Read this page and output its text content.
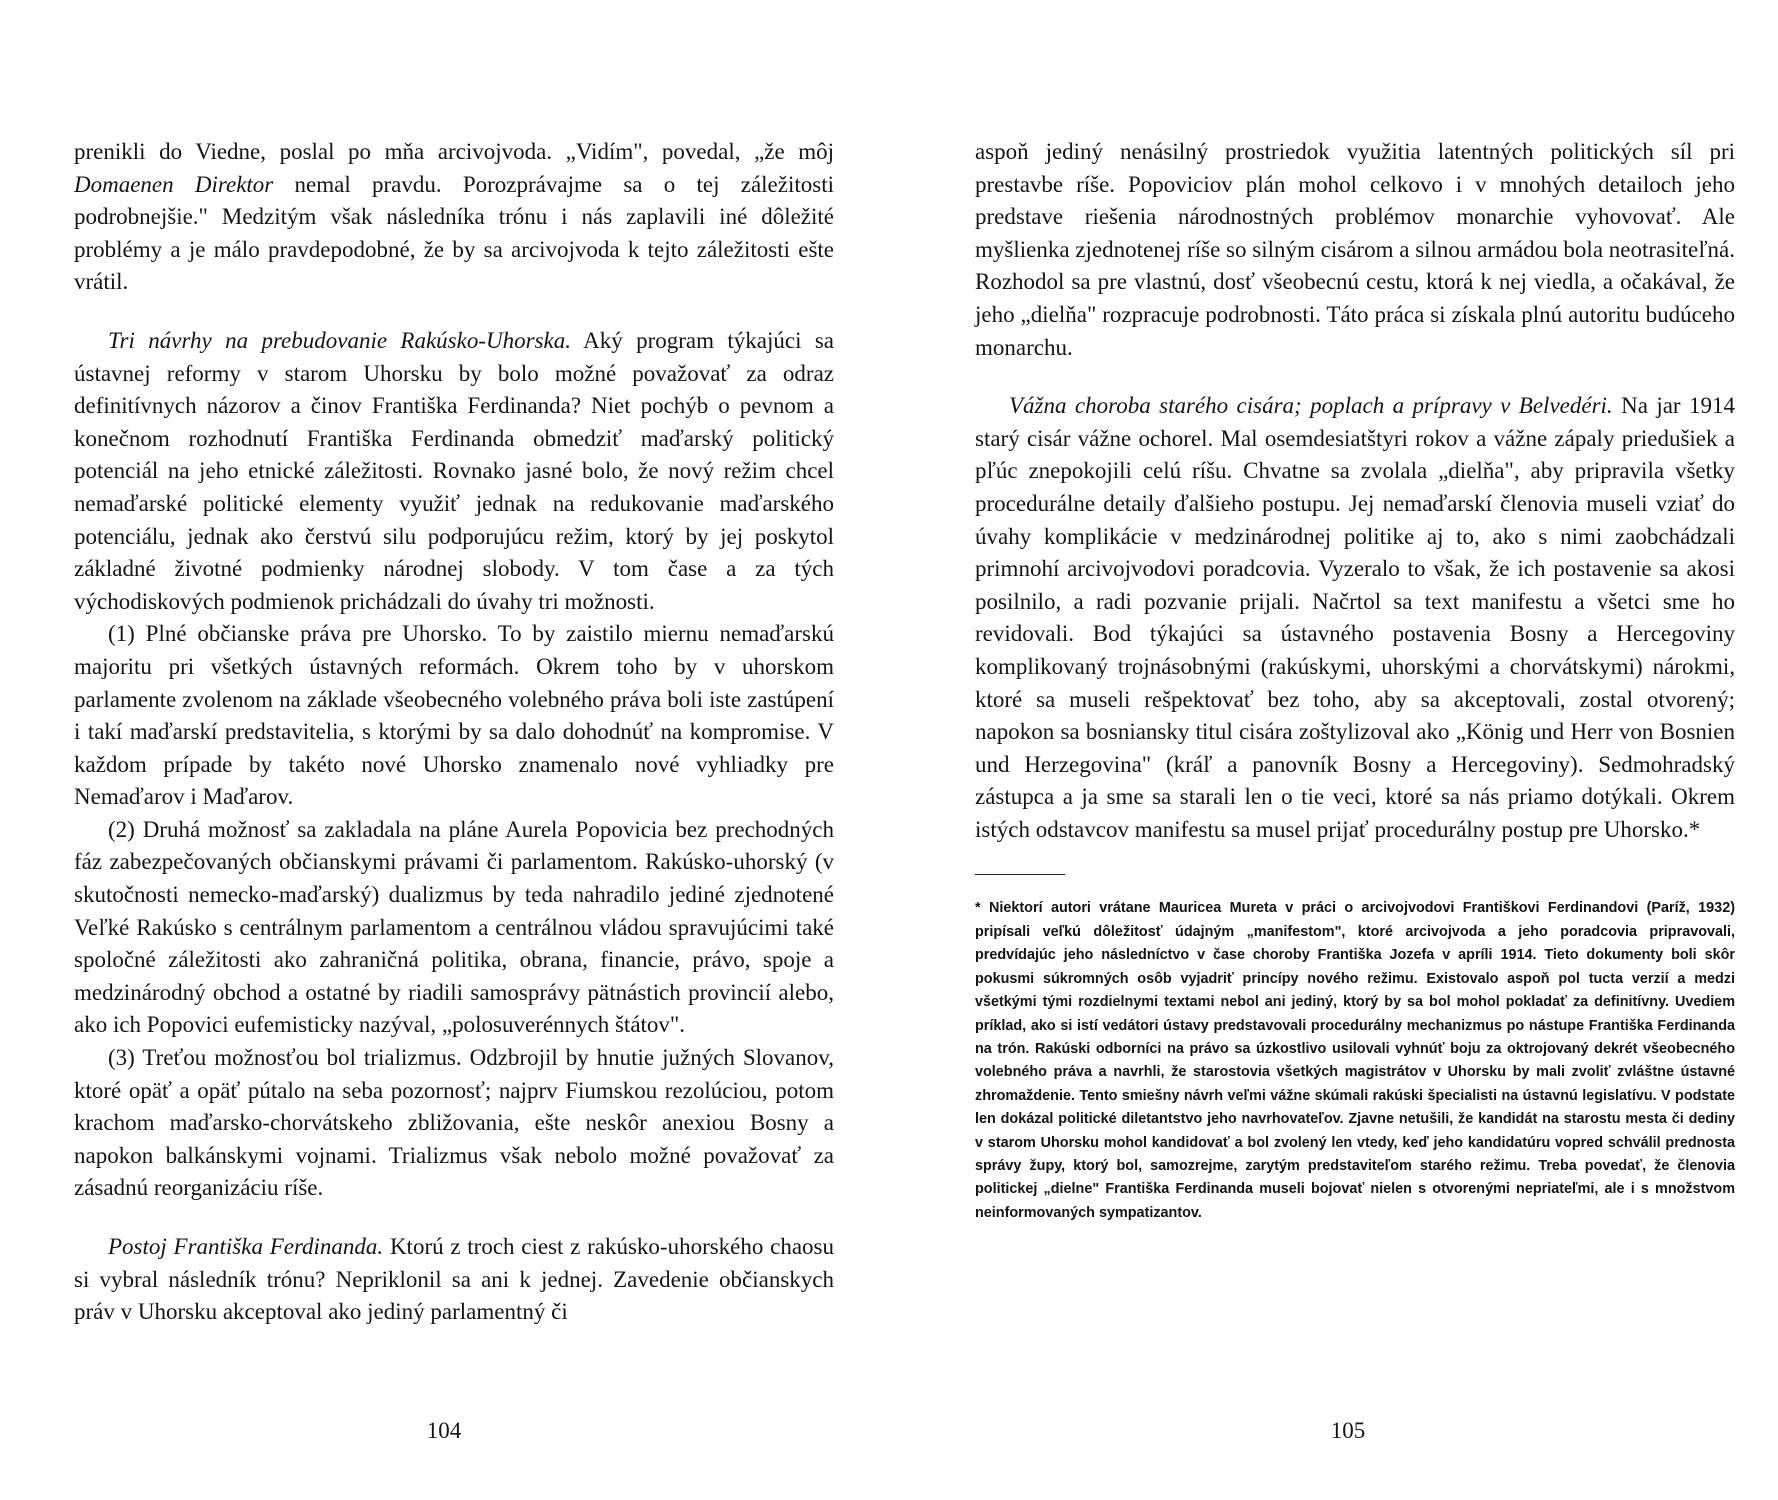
prenikli do Viedne, poslal po mňa arcivojvoda. „Vidím", povedal, „že môj Domaenen Direktor nemal pravdu. Porozprávajme sa o tej záležitosti podrobnejšie." Medzitým však následníka trónu i nás zaplavili iné dôležité problémy a je málo pravdepodobné, že by sa arcivojvoda k tejto záležitosti ešte vrátil.

Tri návrhy na prebudovanie Rakúsko-Uhorska. Aký program týkajúci sa ústavnej reformy v starom Uhorsku by bolo možné považovať za odraz definitívnych názorov a činov Františka Ferdinanda? Niet pochýb o pevnom a konečnom rozhodnutí Františka Ferdinanda obmedziť maďarský politický potenciál na jeho etnické záležitosti. Rovnako jasné bolo, že nový režim chcel nemaďarské politické elementy využiť jednak na redukovanie maďarského potenciálu, jednak ako čerstvú silu podporujúcu režim, ktorý by jej poskytol základné životné podmienky národnej slobody. V tom čase a za tých východiskových podmienok prichádzali do úvahy tri možnosti.

(1) Plné občianske práva pre Uhorsko. To by zaistilo miernu nemaďarskú majoritu pri všetkých ústavných reformách. Okrem toho by v uhorskom parlamente zvolenom na základe všeobecného volebného práva boli iste zastúpení i takí maďarskí predstavitelia, s ktorými by sa dalo dohodnúť na kompromise. V každom prípade by takéto nové Uhorsko znamenalo nové vyhliadky pre Nemaďarov i Maďarov.

(2) Druhá možnosť sa zakladala na pláne Aurela Popovicia bez prechodných fáz zabezpečovaných občianskymi právami či parlamentom. Rakúsko-uhorský (v skutočnosti nemecko-maďarský) dualizmus by teda nahradilo jediné zjednotené Veľké Rakúsko s centrálnym parlamentom a centrálnou vládou spravujúcimi také spoločné záležitosti ako zahraničná politika, obrana, financie, právo, spoje a medzinárodný obchod a ostatné by riadili samosprávy pätnástich provincií alebo, ako ich Popovici eufemisticky nazýval, „polosuverénnych štátov".

(3) Treťou možnosťou bol trializmus. Odzbrojil by hnutie južných Slovanov, ktoré opäť a opäť pútalo na seba pozornosť; najprv Fiumskou rezolúciou, potom krachom maďarsko-chorvátskeho zbližovania, ešte neskôr anexiou Bosny a napokon balkánskymi vojnami. Trializmus však nebolo možné považovať za zásadnú reorganizáciu ríše.

Postoj Františka Ferdinanda. Ktorú z troch ciest z rakúsko-uhorského chaosu si vybral následník trónu? Nepriklonil sa ani k jednej. Zavedenie občianskych práv v Uhorsku akceptoval ako jediný parlamentný či

104

aspoň jediný nenásilný prostriedok využitia latentných politických síl pri prestavbe ríše. Popoviciov plán mohol celkovo i v mnohých detailoch jeho predstave riešenia národnostných problémov monarchie vyhovovať. Ale myšlienka zjednotenej ríše so silným cisárom a silnou armádou bola neotrasiteľná. Rozhodol sa pre vlastnú, dosť všeobecnú cestu, ktorá k nej viedla, a očakával, že jeho „dielňa" rozpracuje podrobnosti. Táto práca si získala plnú autoritu budúceho monarchu.

Vážna choroba starého cisára; poplach a prípravy v Belvedéri. Na jar 1914 starý cisár vážne ochorel. Mal osemdesiatštyri rokov a vážne zápaly priedušiek a pľúc znepokojili celú ríšu. Chvatne sa zvolala „dielňa", aby pripravila všetky procedurálne detaily ďalšieho postupu. Jej nemaďarskí členovia museli vziať do úvahy komplikácie v medzinárodnej politike aj to, ako s nimi zaobchádzali primnohí arcivojvodovi poradcovia. Vyzeralo to však, že ich postavenie sa akosi posilnilo, a radi pozvanie prijali. Načrtol sa text manifestu a všetci sme ho revidovali. Bod týkajúci sa ústavného postavenia Bosny a Hercegoviny komplikovaný trojnásobnými (rakúskymi, uhorskými a chorvátskymi) nárokmi, ktoré sa museli rešpektovať bez toho, aby sa akceptovali, zostal otvorený; napokon sa bosniansky titul cisára zoštylizoval ako „König und Herr von Bosnien und Herzegovina" (kráľ a panovník Bosny a Hercegoviny). Sedmohradský zástupca a ja sme sa starali len o tie veci, ktoré sa nás priamo dotýkali. Okrem istých odstavcov manifestu sa musel prijať procedurálny postup pre Uhorsko.*

* Niektorí autori vrátane Mauricea Mureta v práci o arcivojvodovi Františkovi Ferdinandovi (Paríž, 1932) pripísali veľkú dôležitosť údajným „manifestom", ktoré arcivojvoda a jeho poradcovia pripravovali, predvídajúc jeho následníctvo v čase choroby Františka Jozefa v apríli 1914. Tieto dokumenty boli skôr pokusmi súkromných osôb vyjadriť princípy nového režimu. Existovalo aspoň pol tucta verzií a medzi všetkými tými rozdielnymi textami nebol ani jediný, ktorý by sa bol mohol pokladať za definitívny. Uvediem príklad, ako si istí vedátori ústavy predstavovali procedurálny mechanizmus po nástupe Františka Ferdinanda na trón. Rakúski odborníci na právo sa úzkostlivo usilovali vyhnúť boju za oktrojovaný dekrét všeobecného volebného práva a navrhli, že starostovia všetkých magistrátov v Uhorsku by mali zvoliť zvláštne ústavné zhromaždenie. Tento smiešny návrh veľmi vážne skúmali rakúski špecialisti na ústavnú legislatívu. V podstate len dokázal politické diletantstvo jeho navrhovateľov. Zjavne netušili, že kandidát na starostu mesta či dediny v starom Uhorsku mohol kandidovať a bol zvolený len vtedy, keď jeho kandidatúru vopred schválil prednosta správy župy, ktorý bol, samozrejme, zarytým predstaviteľom starého režimu. Treba povedať, že členovia politickej „dielne" Františka Ferdinanda museli bojovať nielen s otvorenými nepriateľmi, ale i s množstvom neinformovaných sympatizantov.

105
